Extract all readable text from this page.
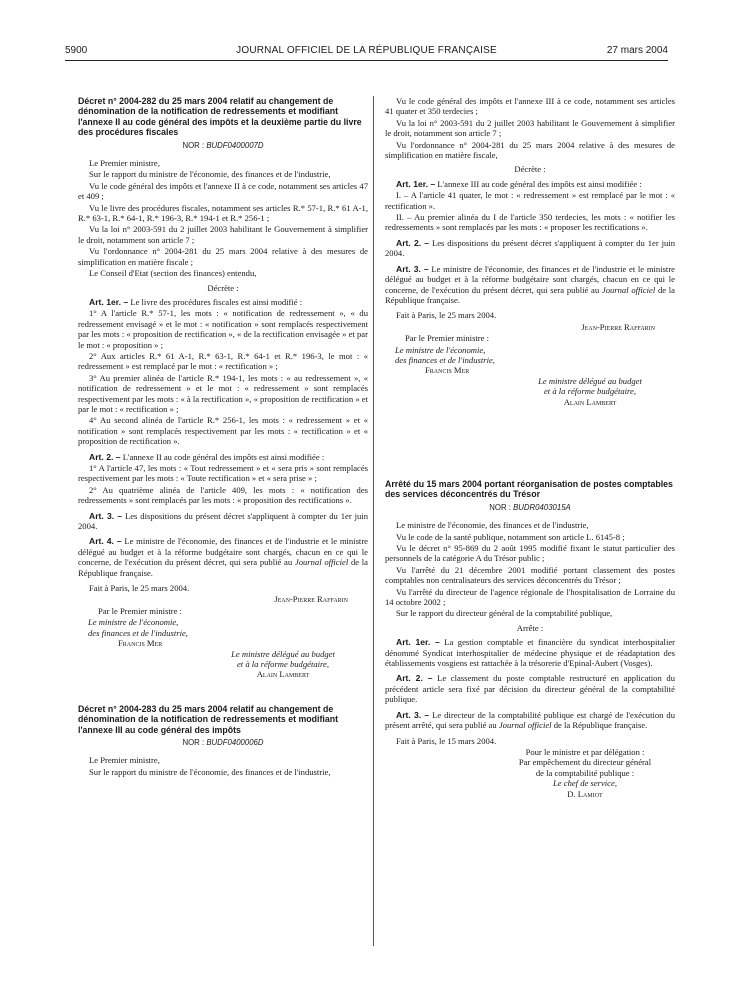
5900	JOURNAL OFFICIEL DE LA RÉPUBLIQUE FRANÇAISE	27 mars 2004
Décret n° 2004-282 du 25 mars 2004 relatif au changement de dénomination de la notification de redressements et modifiant l'annexe II au code général des impôts et la deuxième partie du livre des procédures fiscales
NOR : BUDF0400007D

Le Premier ministre,

Sur le rapport du ministre de l'économie, des finances et de l'industrie,

Vu le code général des impôts et l'annexe II à ce code, notamment ses articles 47 et 409 ;

Vu le livre des procédures fiscales, notamment ses articles R.* 57-1, R.* 61 A-1, R.* 63-1, R.* 64-1, R.* 196-3, R.* 194-1 et R.* 256-1 ;

Vu la loi n° 2003-591 du 2 juillet 2003 habilitant le Gouvernement à simplifier le droit, notamment son article 7 ;

Vu l'ordonnance n° 2004-281 du 25 mars 2004 relative à des mesures de simplification en matière fiscale ;

Le Conseil d'Etat (section des finances) entendu,

Décrète :

Art. 1er. – Le livre des procédures fiscales est ainsi modifié :

1° A l'article R.* 57-1, les mots : « notification de redressement », « du redressement envisagé » et le mot : « notification » sont remplacés respectivement par les mots : « proposition de rectification », « de la rectification envisagée » et par le mot : « proposition » ;

2° Aux articles R.* 61 A-1, R.* 63-1, R.* 64-1 et R.* 196-3, le mot : « redressement » est remplacé par le mot : « rectification » ;

3° Au premier alinéa de l'article R.* 194-1, les mots : « au redressement », « notification de redressement » et le mot : « redressement » sont remplacés respectivement par les mots : « à la rectification », « proposition de rectification » et par le mot : « rectification » ;

4° Au second alinéa de l'article R.* 256-1, les mots : « redressement » et « notification » sont remplacés respectivement par les mots : « rectification » et « proposition de rectification ».

Art. 2. – L'annexe II au code général des impôts est ainsi modifiée :

1° A l'article 47, les mots : « Tout redressement » et « sera pris » sont remplacés respectivement par les mots : « Toute rectification » et « sera prise » ;

2° Au quatrième alinéa de l'article 409, les mots : « notification des redressements » sont remplacés par les mots : « proposition des rectifications ».

Art. 3. – Les dispositions du présent décret s'appliquent à compter du 1er juin 2004.

Art. 4. – Le ministre de l'économie, des finances et de l'industrie et le ministre délégué au budget et à la réforme budgétaire sont chargés, chacun en ce qui le concerne, de l'exécution du présent décret, qui sera publié au Journal officiel de la République française.

Fait à Paris, le 25 mars 2004.

Jean-Pierre Raffarin

Par le Premier ministre :

Le ministre de l'économie,

des finances et de l'industrie,

Francis Mer

Le ministre délégué au budget

et à la réforme budgétaire,

Alain Lambert

Décret n° 2004-283 du 25 mars 2004 relatif au changement de dénomination de la notification de redressements et modifiant l'annexe III au code général des impôts
NOR : BUDF0400006D

Le Premier ministre,

Sur le rapport du ministre de l'économie, des finances et de l'industrie,

Vu le code général des impôts et l'annexe III à ce code, notamment ses articles 41 quater et 350 terdecies ;

Vu la loi n° 2003-591 du 2 juillet 2003 habilitant le Gouvernement à simplifier le droit, notamment son article 7 ;

Vu l'ordonnance n° 2004-281 du 25 mars 2004 relative à des mesures de simplification en matière fiscale,

Décrète :

Art. 1er. – L'annexe III au code général des impôts est ainsi modifiée :

I. – A l'article 41 quater, le mot : « redressement » est remplacé par le mot : « rectification ».

II. – Au premier alinéa du I de l'article 350 terdecies, les mots : « notifier les redressements » sont remplacés par les mots : « proposer les rectifications ».

Art. 2. – Les dispositions du présent décret s'appliquent à compter du 1er juin 2004.

Art. 3. – Le ministre de l'économie, des finances et de l'industrie et le ministre délégué au budget et à la réforme budgétaire sont chargés, chacun en ce qui le concerne, de l'exécution du présent décret, qui sera publié au Journal officiel de la République française.

Fait à Paris, le 25 mars 2004.

Jean-Pierre Raffarin

Par le Premier ministre :

Le ministre de l'économie,

des finances et de l'industrie,

Francis Mer

Le ministre délégué au budget

et à la réforme budgétaire,

Alain Lambert

Arrêté du 15 mars 2004 portant réorganisation de postes comptables des services déconcentrés du Trésor
NOR : BUDR0403015A

Le ministre de l'économie, des finances et de l'industrie,

Vu le code de la santé publique, notamment son article L. 6145-8 ;

Vu le décret n° 95-869 du 2 août 1995 modifié fixant le statut particulier des personnels de la catégorie A du Trésor public ;

Vu l'arrêté du 21 décembre 2001 modifié portant classement des postes comptables non centralisateurs des services déconcentrés du Trésor ;

Vu l'arrêté du directeur de l'agence régionale de l'hospitalisation de Lorraine du 14 octobre 2002 ;

Sur le rapport du directeur général de la comptabilité publique,

Arrête :

Art. 1er. – La gestion comptable et financière du syndicat interhospitalier dénommé Syndicat interhospitalier de médecine physique et de réadaptation des établissements vosgiens est rattachée à la trésorerie d'Epinal-Aubert (Vosges).

Art. 2. – Le classement du poste comptable restructuré en application du précédent article sera fixé par décision du directeur général de la comptabilité publique.

Art. 3. – Le directeur de la comptabilité publique est chargé de l'exécution du présent arrêté, qui sera publié au Journal officiel de la République française.

Fait à Paris, le 15 mars 2004.

Pour le ministre et par délégation :

Par empêchement du directeur général

de la comptabilité publique :

Le chef de service,

D. Lamiot
